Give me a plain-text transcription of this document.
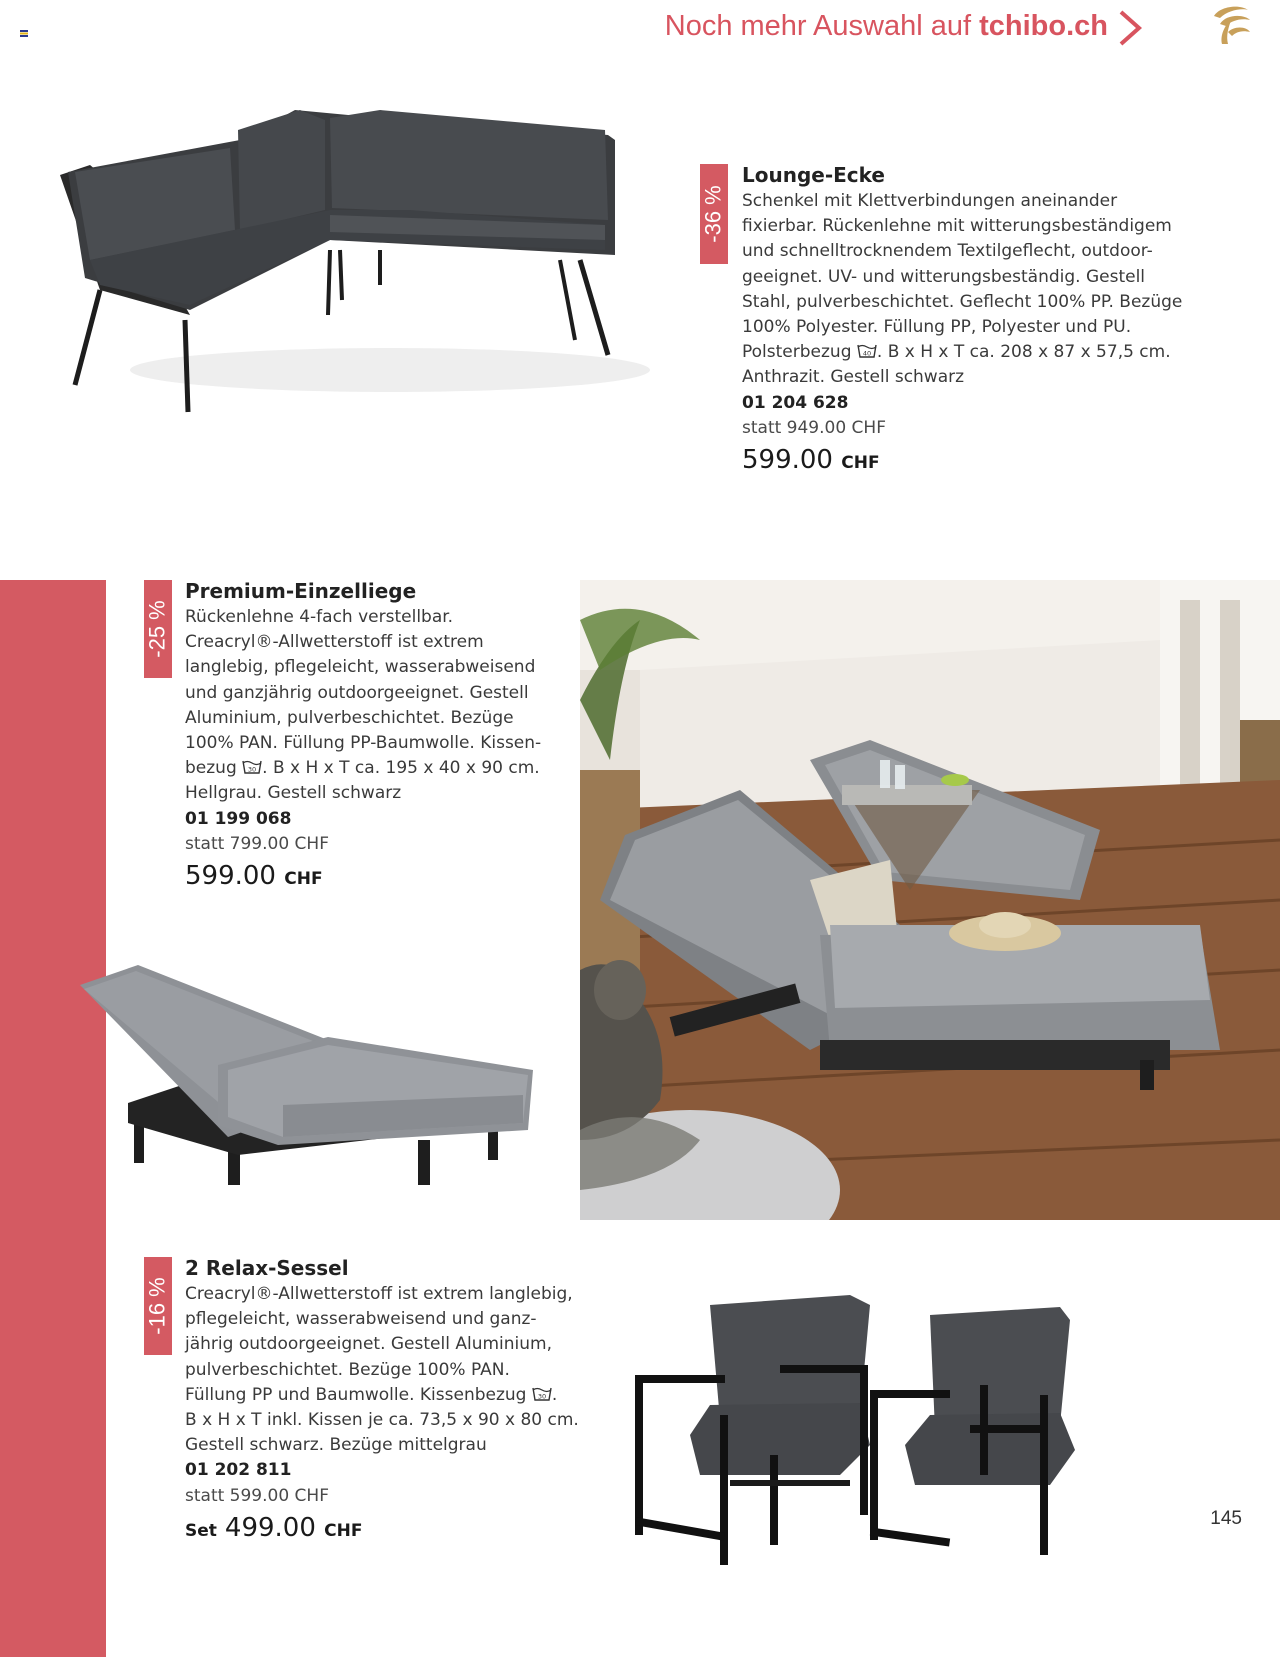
Noch mehr Auswahl auf tchibo.ch
-36 %
Lounge-Ecke
Schenkel mit Klettverbindungen aneinander
fixierbar. Rückenlehne mit witterungsbeständigem
und schnelltrocknendem Textilgeflecht, outdoor-
geeignet. UV- und witterungsbeständig. Gestell
Stahl, pulverbeschichtet. Geflecht 100% PP. Bezüge
100% Polyester. Füllung PP, Polyester und PU.
Polsterbezug 40 . B x H x T ca. 208 x 87 x 57,5 cm.
Anthrazit. Gestell schwarz
01 204 628
statt 949.00 CHF
599.00 CHF
-25 %
Premium-Einzelliege
Rückenlehne 4-fach verstellbar.
Creacryl®-Allwetterstoff ist extrem
langlebig, pflegeleicht, wasserabweisend
und ganzjährig outdoorgeeignet. Gestell
Aluminium, pulverbeschichtet. Bezüge
100% PAN. Füllung PP-Baumwolle. Kissen-
bezug 30 . B x H x T ca. 195 x 40 x 90 cm.
Hellgrau. Gestell schwarz
01 199 068
statt 799.00 CHF
599.00 CHF
-16 %
2 Relax-Sessel
Creacryl®-Allwetterstoff ist extrem langlebig,
pflegeleicht, wasserabweisend und ganz-
jährig outdoorgeeignet. Gestell Aluminium,
pulverbeschichtet. Bezüge 100% PAN.
Füllung PP und Baumwolle. Kissenbezug 30 .
B x H x T inkl. Kissen je ca. 73,5 x 90 x 80 cm.
Gestell schwarz. Bezüge mittelgrau
01 202 811
statt 599.00 CHF
Set 499.00 CHF
145
